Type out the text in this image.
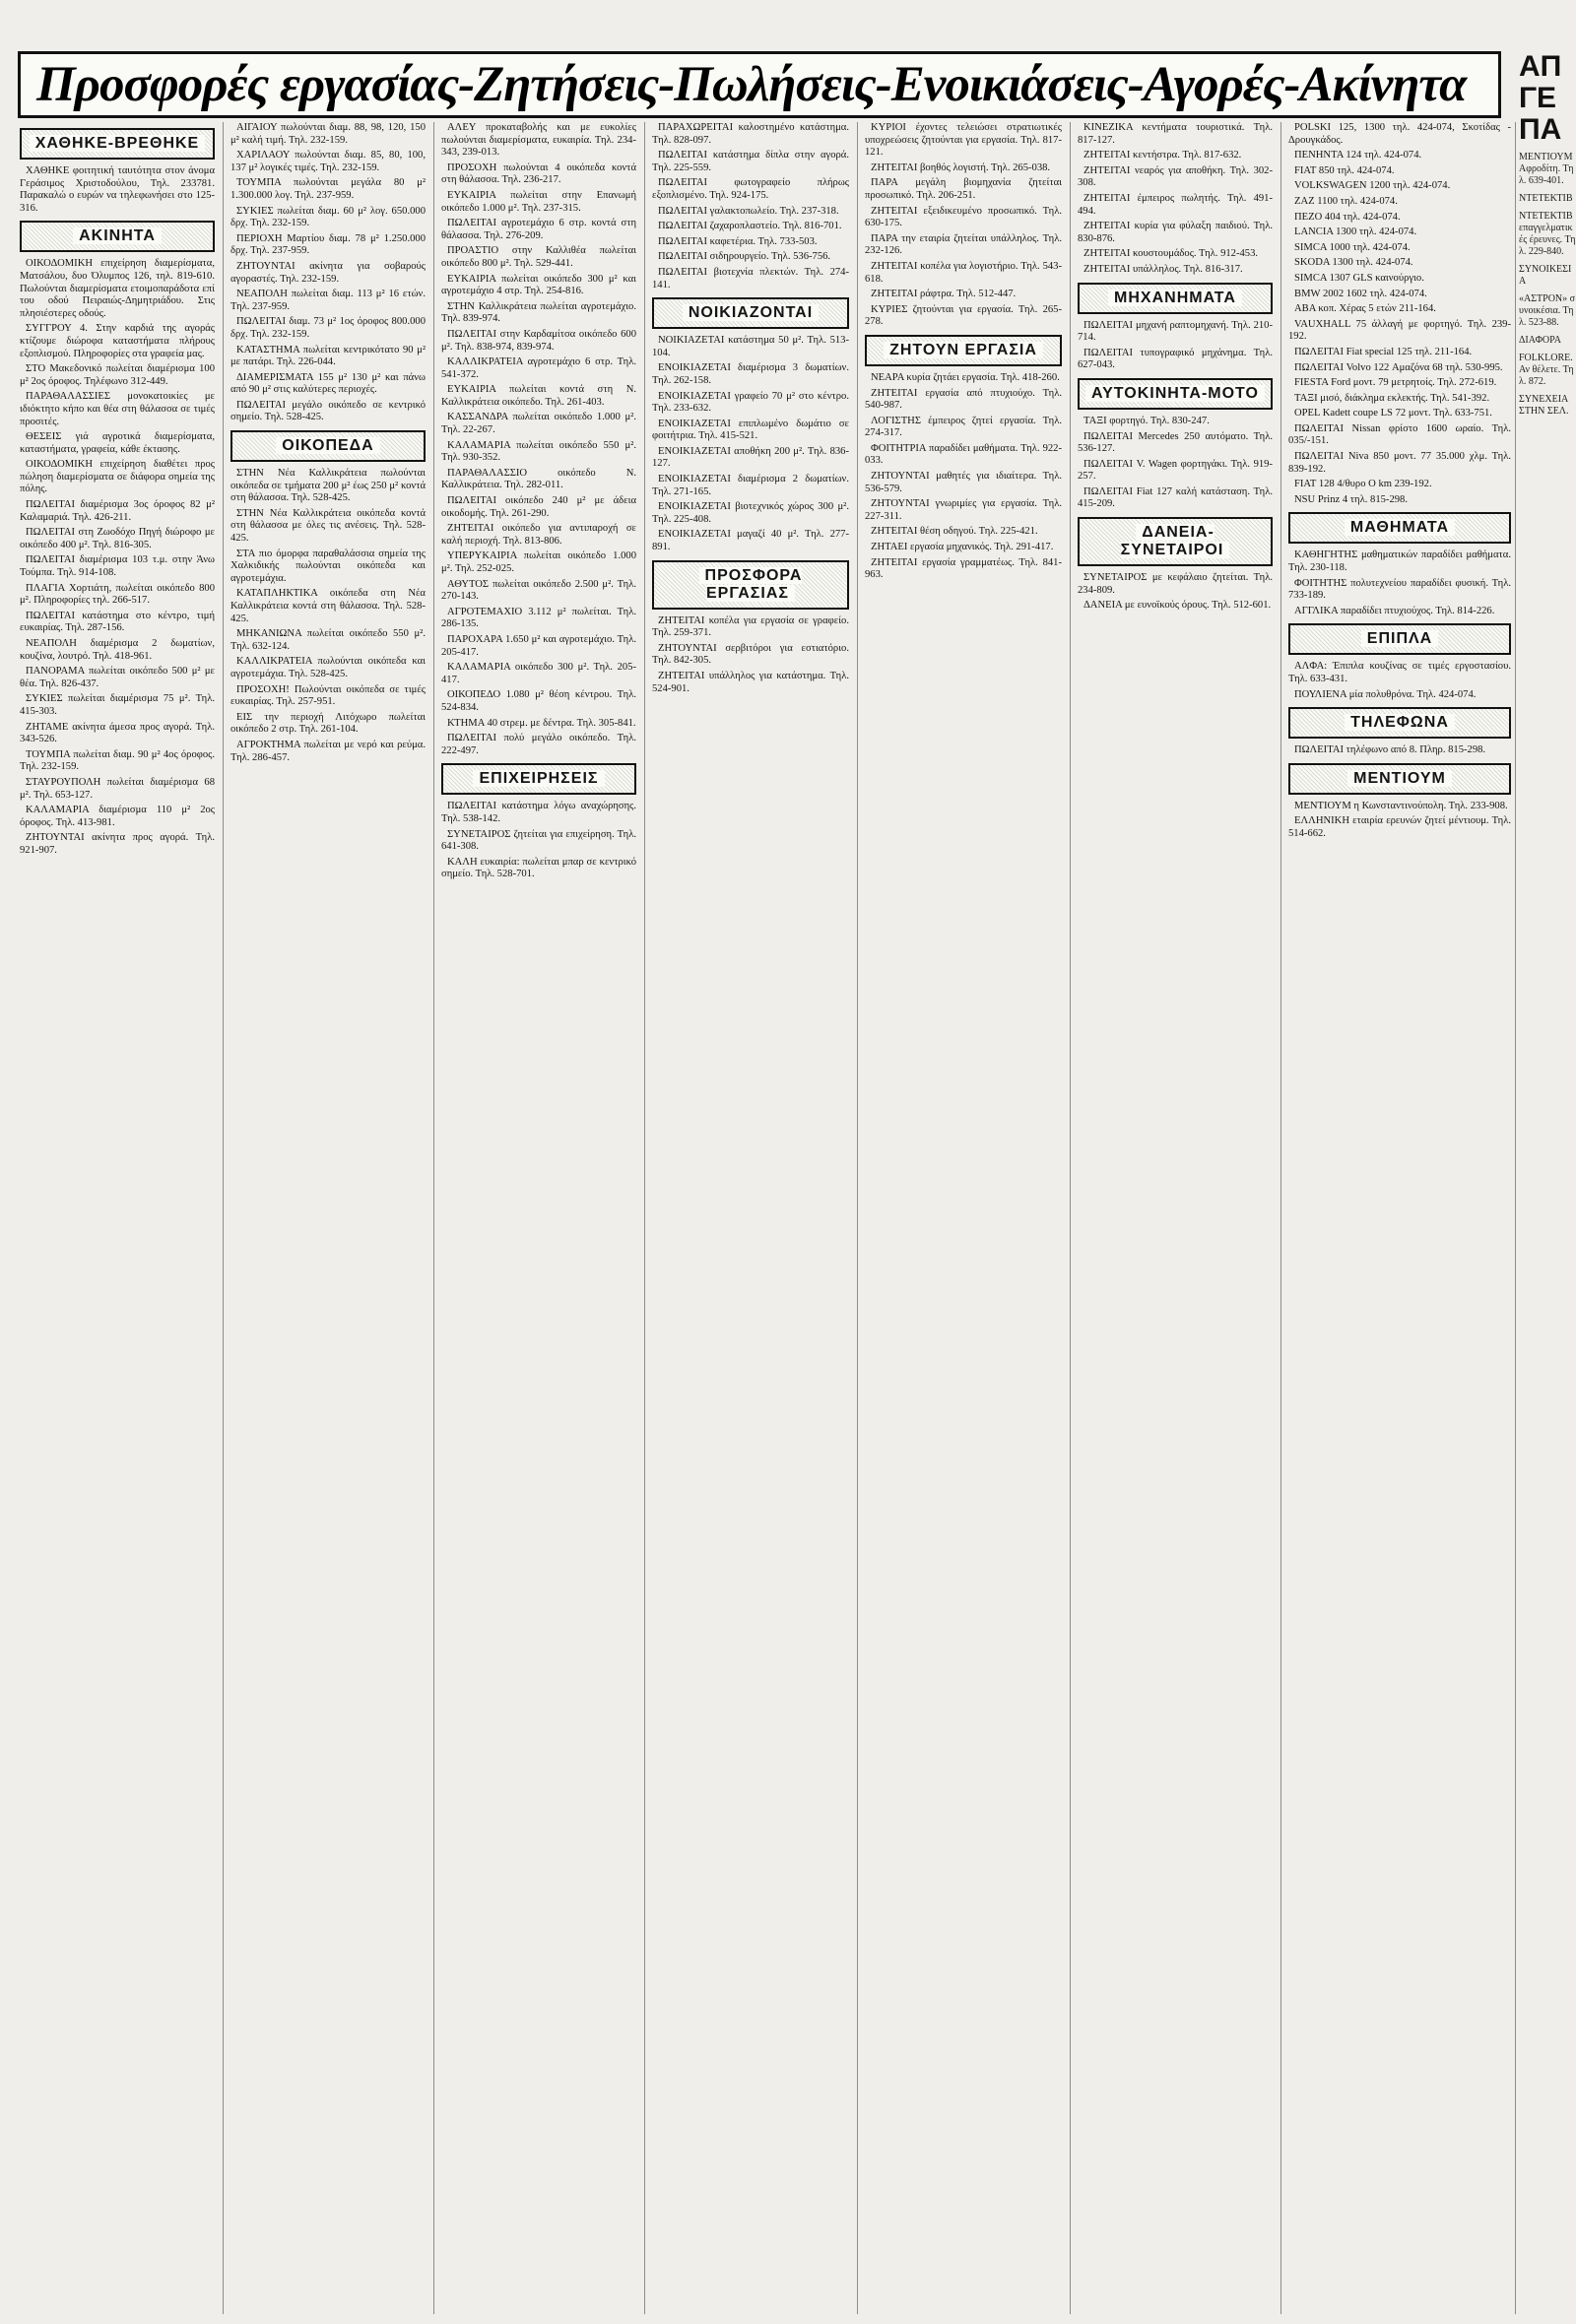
Προσφορές εργασίας-Ζητήσεις-Πωλήσεις-Ενοικιάσεις-Αγορές-Ακίνητα
ΧΑΘΗΚΕ-ΒΡΕΘΗΚΕ

ΧΑΘΗΚΕ φοιτητική ταυτότητα στον άνομα Γεράσιμος Χριστοδούλου, Τηλ. 233781. Παρακαλώ ο ευρών να τηλεφωνήσει στο 125-316.

ΑΚΙΝΗΤΑ

ΟΙΚΟΔΟΜΙΚΗ επιχείρηση διαμερίσματα, Ματσάλου, δυο Όλυμπος 126, τηλ. 819-610. Πωλούνται διαμερίσματα ετοιμοπαράδοτα επί του οδού Πειραιώς-Δημητριάδου. Στις πλησιέστερες οδούς.

ΣΥΓΓΡΟΥ 4. Στην καρδιά της αγοράς κτίζουμε διώροφα καταστήματα πλήρους εξοπλισμού. Πληροφορίες στα γραφεία μας.

ΣΤΟ Μακεδονικό πωλείται διαμέρισμα 100 μ² 2ος όροφος. Τηλέφωνο 312-449.

ΠΑΡΑΘΑΛΑΣΣΙΕΣ μονοκατοικίες με ιδιόκτητο κήπο και θέα στη θάλασσα σε τιμές προσιτές.

ΘΕΣΕΙΣ γιά αγροτικά διαμερίσματα, καταστήματα, γραφεία, κάθε έκτασης.

ΟΙΚΟΔΟΜΙΚΗ επιχείρηση διαθέτει προς πώληση διαμερίσματα σε διάφορα σημεία της πόλης.

ΠΩΛΕΙΤΑΙ διαμέρισμα 3ος όροφος 82 μ² Καλαμαριά. Τηλ. 426-211.

ΠΩΛΕΙΤΑΙ στη Ζωοδόχο Πηγή διώροφο με οικόπεδο 400 μ². Τηλ. 816-305.

ΠΩΛΕΙΤΑΙ διαμέρισμα 103 τ.μ. στην Άνω Τούμπα. Τηλ. 914-108.

ΠΛΑΓΙΑ Χορτιάτη, πωλείται οικόπεδο 800 μ². Πληροφορίες τηλ. 266-517.

ΠΩΛΕΙΤΑΙ κατάστημα στο κέντρο, τιμή ευκαιρίας. Τηλ. 287-156.

ΝΕΑΠΟΛΗ διαμέρισμα 2 δωματίων, κουζίνα, λουτρό. Τηλ. 418-961.

ΠΑΝΟΡΑΜΑ πωλείται οικόπεδο 500 μ² με θέα. Τηλ. 826-437.

ΣΥΚΙΕΣ πωλείται διαμέρισμα 75 μ². Τηλ. 415-303.

ΖΗΤΑΜΕ ακίνητα άμεσα προς αγορά. Τηλ. 343-526.

ΤΟΥΜΠΑ πωλείται διαμ. 90 μ² 4ος όροφος. Τηλ. 232-159.

ΣΤΑΥΡΟΥΠΟΛΗ πωλείται διαμέρισμα 68 μ². Τηλ. 653-127.

ΚΑΛΑΜΑΡΙΑ διαμέρισμα 110 μ² 2ος όροφος. Τηλ. 413-981.

ΖΗΤΟΥΝΤΑΙ ακίνητα προς αγορά. Τηλ. 921-907.

ΑΙΓΑΙΟΥ πωλούνται διαμ. 88, 98, 120, 150 μ² καλή τιμή. Τηλ. 232-159.

ΧΑΡΙΛΑΟΥ πωλούνται διαμ. 85, 80, 100, 137 μ² λογικές τιμές. Τηλ. 232-159.

ΤΟΥΜΠΑ πωλούνται μεγάλα 80 μ² 1.300.000 λογ. Τηλ. 237-959.

ΣΥΚΙΕΣ πωλείται διαμ. 60 μ² λογ. 650.000 δρχ. Τηλ. 232-159.

ΠΕΡΙΟΧΗ Μαρτίου διαμ. 78 μ² 1.250.000 δρχ. Τηλ. 237-959.

ΖΗΤΟΥΝΤΑΙ ακίνητα για σοβαρούς αγοραστές. Τηλ. 232-159.

ΝΕΑΠΟΛΗ πωλείται διαμ. 113 μ² 16 ετών. Τηλ. 237-959.

ΠΩΛΕΙΤΑΙ διαμ. 73 μ² 1ος όροφος 800.000 δρχ. Τηλ. 232-159.

ΚΑΤΑΣΤΗΜΑ πωλείται κεντρικότατο 90 μ² με πατάρι. Τηλ. 226-044.

ΔΙΑΜΕΡΙΣΜΑΤΑ 155 μ² 130 μ² και πάνω από 90 μ² στις καλύτερες περιοχές.

ΠΩΛΕΙΤΑΙ μεγάλο οικόπεδο σε κεντρικό σημείο. Τηλ. 528-425.

ΟΙΚΟΠΕΔΑ

ΣΤΗΝ Νέα Καλλικράτεια πωλούνται οικόπεδα σε τμήματα 200 μ² έως 250 μ² κοντά στη θάλασσα. Τηλ. 528-425.

ΣΤΗΝ Νέα Καλλικράτεια οικόπεδα κοντά στη θάλασσα με όλες τις ανέσεις. Τηλ. 528-425.

ΣΤΑ πιο όμορφα παραθαλάσσια σημεία της Χαλκιδικής πωλούνται οικόπεδα και αγροτεμάχια.

ΚΑΤΑΠΛΗΚΤΙΚΑ οικόπεδα στη Νέα Καλλικράτεια κοντά στη θάλασσα. Τηλ. 528-425.

ΜΗΚΑΝΙΩΝΑ πωλείται οικόπεδο 550 μ². Τηλ. 632-124.

ΚΑΛΛΙΚΡΑΤΕΙΑ πωλούνται οικόπεδα και αγροτεμάχια. Τηλ. 528-425.

ΠΡΟΣΟΧΗ! Πωλούνται οικόπεδα σε τιμές ευκαιρίας. Τηλ. 257-951.

ΕΙΣ την περιοχή Λιτόχωρο πωλείται οικόπεδο 2 στρ. Τηλ. 261-104.

ΑΓΡΟΚΤΗΜΑ πωλείται με νερό και ρεύμα. Τηλ. 286-457.

ΑΛΕΥ προκαταβολής και με ευκολίες πωλούνται διαμερίσματα, ευκαιρία. Τηλ. 234-343, 239-013.

ΠΡΟΣΟΧΗ πωλούνται 4 οικόπεδα κοντά στη θάλασσα. Τηλ. 236-217.

ΕΥΚΑΙΡΙΑ πωλείται στην Επανωμή οικόπεδο 1.000 μ². Τηλ. 237-315.

ΠΩΛΕΙΤΑΙ αγροτεμάχιο 6 στρ. κοντά στη θάλασσα. Τηλ. 276-209.

ΠΡΟΑΣΤΙΟ στην Καλλιθέα πωλείται οικόπεδο 800 μ². Τηλ. 529-441.

ΕΥΚΑΙΡΙΑ πωλείται οικόπεδο 300 μ² και αγροτεμάχιο 4 στρ. Τηλ. 254-816.

ΣΤΗΝ Καλλικράτεια πωλείται αγροτεμάχιο. Τηλ. 839-974.

ΠΩΛΕΙΤΑΙ στην Καρδαμίτσα οικόπεδο 600 μ². Τηλ. 838-974, 839-974.

ΚΑΛΛΙΚΡΑΤΕΙΑ αγροτεμάχιο 6 στρ. Τηλ. 541-372.

ΕΥΚΑΙΡΙΑ πωλείται κοντά στη Ν. Καλλικράτεια οικόπεδο. Τηλ. 261-403.

ΚΑΣΣΑΝΔΡΑ πωλείται οικόπεδο 1.000 μ². Τηλ. 22-267.

ΚΑΛΑΜΑΡΙΑ πωλείται οικόπεδο 550 μ². Τηλ. 930-352.

ΠΑΡΑΘΑΛΑΣΣΙΟ οικόπεδο Ν. Καλλικράτεια. Τηλ. 282-011.

ΠΩΛΕΙΤΑΙ οικόπεδο 240 μ² με άδεια οικοδομής. Τηλ. 261-290.

ΖΗΤΕΙΤΑΙ οικόπεδο για αντιπαροχή σε καλή περιοχή. Τηλ. 813-806.

ΥΠΕΡΥΚΑΙΡΙΑ πωλείται οικόπεδο 1.000 μ². Τηλ. 252-025.

ΑΘΥΤΟΣ πωλείται οικόπεδο 2.500 μ². Τηλ. 270-143.

ΑΓΡΟΤΕΜΑΧΙΟ 3.112 μ² πωλείται. Τηλ. 286-135.

ΠΑΡΟΧΑΡΑ 1.650 μ² και αγροτεμάχιο. Τηλ. 205-417.

ΚΑΛΑΜΑΡΙΑ οικόπεδο 300 μ². Τηλ. 205-417.

ΟΙΚΟΠΕΔΟ 1.080 μ² θέση κέντρου. Τηλ. 524-834.

ΚΤΗΜΑ 40 στρεμ. με δέντρα. Τηλ. 305-841.

ΠΩΛΕΙΤΑΙ πολύ μεγάλο οικόπεδο. Τηλ. 222-497.

ΕΠΙΧΕΙΡΗΣΕΙΣ

ΠΩΛΕΙΤΑΙ κατάστημα λόγω αναχώρησης. Τηλ. 538-142.

ΣΥΝΕΤΑΙΡΟΣ ζητείται για επιχείρηση. Τηλ. 641-308.

ΚΑΛΗ ευκαιρία: πωλείται μπαρ σε κεντρικό σημείο. Τηλ. 528-701.

ΠΑΡΑΧΩΡΕΙΤΑΙ καλοστημένο κατάστημα. Τηλ. 828-097.

ΠΩΛΕΙΤΑΙ κατάστημα δίπλα στην αγορά. Τηλ. 225-559.

ΠΩΛΕΙΤΑΙ φωτογραφείο πλήρως εξοπλισμένο. Τηλ. 924-175.

ΠΩΛΕΙΤΑΙ γαλακτοπωλείο. Τηλ. 237-318.

ΠΩΛΕΙΤΑΙ ζαχαροπλαστείο. Τηλ. 816-701.

ΠΩΛΕΙΤΑΙ καφετέρια. Τηλ. 733-503.

ΠΩΛΕΙΤΑΙ σιδηρουργείο. Τηλ. 536-756.

ΠΩΛΕΙΤΑΙ βιοτεχνία πλεκτών. Τηλ. 274-141.

ΝΟΙΚΙΑΖΟΝΤΑΙ

ΝΟΙΚΙΑΖΕΤΑΙ κατάστημα 50 μ². Τηλ. 513-104.

ΕΝΟΙΚΙΑΖΕΤΑΙ διαμέρισμα 3 δωματίων. Τηλ. 262-158.

ΕΝΟΙΚΙΑΖΕΤΑΙ γραφείο 70 μ² στο κέντρο. Τηλ. 233-632.

ΕΝΟΙΚΙΑΖΕΤΑΙ επιπλωμένο δωμάτιο σε φοιτήτρια. Τηλ. 415-521.

ΕΝΟΙΚΙΑΖΕΤΑΙ αποθήκη 200 μ². Τηλ. 836-127.

ΕΝΟΙΚΙΑΖΕΤΑΙ διαμέρισμα 2 δωματίων. Τηλ. 271-165.

ΕΝΟΙΚΙΑΖΕΤΑΙ βιοτεχνικός χώρος 300 μ². Τηλ. 225-408.

ΕΝΟΙΚΙΑΖΕΤΑΙ μαγαζί 40 μ². Τηλ. 277-891.

ΠΡΟΣΦΟΡΑ ΕΡΓΑΣΙΑΣ

ΖΗΤΕΙΤΑΙ κοπέλα για εργασία σε γραφείο. Τηλ. 259-371.

ΖΗΤΟΥΝΤΑΙ σερβιτόροι για εστιατόριο. Τηλ. 842-305.

ΖΗΤΕΙΤΑΙ υπάλληλος για κατάστημα. Τηλ. 524-901.

ΚΥΡΙΟΙ έχοντες τελειώσει στρατιωτικές υποχρεώσεις ζητούνται για εργασία. Τηλ. 817-121.

ΖΗΤΕΙΤΑΙ βοηθός λογιστή. Τηλ. 265-038.

ΠΑΡΑ μεγάλη βιομηχανία ζητείται προσωπικό. Τηλ. 206-251.

ΖΗΤΕΙΤΑΙ εξειδικευμένο προσωπικό. Τηλ. 630-175.

ΠΑΡΑ την εταιρία ζητείται υπάλληλος. Τηλ. 232-126.

ΖΗΤΕΙΤΑΙ κοπέλα για λογιστήριο. Τηλ. 543-618.

ΖΗΤΕΙΤΑΙ ράφτρα. Τηλ. 512-447.

ΚΥΡΙΕΣ ζητούνται για εργασία. Τηλ. 265-278.

ΖΗΤΟΥΝ ΕΡΓΑΣΙΑ

ΝΕΑΡΑ κυρία ζητάει εργασία. Τηλ. 418-260.

ΖΗΤΕΙΤΑΙ εργασία από πτυχιούχο. Τηλ. 540-987.

ΛΟΓΙΣΤΗΣ έμπειρος ζητεί εργασία. Τηλ. 274-317.

ΦΟΙΤΗΤΡΙΑ παραδίδει μαθήματα. Τηλ. 922-033.

ΖΗΤΟΥΝΤΑΙ μαθητές για ιδιαίτερα. Τηλ. 536-579.

ΖΗΤΟΥΝΤΑΙ γνωριμίες για εργασία. Τηλ. 227-311.

ΖΗΤΕΙΤΑΙ θέση οδηγού. Τηλ. 225-421.

ΖΗΤΑΕΙ εργασία μηχανικός. Τηλ. 291-417.

ΖΗΤΕΙΤΑΙ εργασία γραμματέως. Τηλ. 841-963.

ΚΙΝΕΖΙΚΑ κεντήματα τουριστικά. Τηλ. 817-127.

ΖΗΤΕΙΤΑΙ κεντήστρα. Τηλ. 817-632.

ΖΗΤΕΙΤΑΙ νεαρός για αποθήκη. Τηλ. 302-308.

ΖΗΤΕΙΤΑΙ έμπειρος πωλητής. Τηλ. 491-494.

ΖΗΤΕΙΤΑΙ κυρία για φύλαξη παιδιού. Τηλ. 830-876.

ΖΗΤΕΙΤΑΙ κουστουμάδος. Τηλ. 912-453.

ΖΗΤΕΙΤΑΙ υπάλληλος. Τηλ. 816-317.

ΜΗΧΑΝΗΜΑΤΑ

ΠΩΛΕΙΤΑΙ μηχανή ραπτομηχανή. Τηλ. 210-714.

ΠΩΛΕΙΤΑΙ τυπογραφικό μηχάνημα. Τηλ. 627-043.

ΑΥΤΟΚΙΝΗΤΑ-ΜΟΤΟ

ΤΑΞΙ φορτηγό. Τηλ. 830-247.

ΠΩΛΕΙΤΑΙ Mercedes 250 αυτόματο. Τηλ. 536-127.

ΠΩΛΕΙΤΑΙ V. Wagen φορτηγάκι. Τηλ. 919-257.

ΠΩΛΕΙΤΑΙ Fiat 127 καλή κατάσταση. Τηλ. 415-209.

ΔΑΝΕΙΑ-ΣΥΝΕΤΑΙΡΟΙ

ΣΥΝΕΤΑΙΡΟΣ με κεφάλαιο ζητείται. Τηλ. 234-809.

ΔΑΝΕΙΑ με ευνοϊκούς όρους. Τηλ. 512-601.

POLSKI 125, 1300 τηλ. 424-074, Σκοτίδας - Δρουγκάδος.

ΠΕΝΗΝΤΑ 124 τηλ. 424-074.

FIAT 850 τηλ. 424-074.

VOLKSWAGEN 1200 τηλ. 424-074.

ZAZ 1100 τηλ. 424-074.

ΠΕΖΟ 404 τηλ. 424-074.

LANCIA 1300 τηλ. 424-074.

SIMCA 1000 τηλ. 424-074.

SKODA 1300 τηλ. 424-074.

SIMCA 1307 GLS καινούργιο.

BMW 2002 1602 τηλ. 424-074.

ΑΒΑ κοπ. Χέρας 5 ετών 211-164.

VAUXHALL 75 άλλαγή με φορτηγό. Τηλ. 239-192.

ΠΩΛΕΙΤΑΙ Fiat special 125 τηλ. 211-164.

ΠΩΛΕΙΤΑΙ Volvo 122 Αμαζόνα 68 τηλ. 530-995.

FIESTA Ford μοντ. 79 μετρητοίς. Τηλ. 272-619.

ΤΑΞΙ μισό, διάκλημα εκλεκτής. Τηλ. 541-392.

OPEL Kadett coupe LS 72 μοντ. Τηλ. 633-751.

ΠΩΛΕΙΤΑΙ Nissan φρίστο 1600 ωραίο. Τηλ. 035/-151.

ΠΩΛΕΙΤΑΙ Niva 850 μοντ. 77 35.000 χλμ. Τηλ. 839-192.

FIAT 128 4/θυρο Ο km 239-192.

ΝSU Prinz 4 τηλ. 815-298.

ΜΑΘΗΜΑΤΑ

ΚΑΘΗΓΗΤΗΣ μαθηματικών παραδίδει μαθήματα. Τηλ. 230-118.

ΦΟΙΤΗΤΗΣ πολυτεχνείου παραδίδει φυσική. Τηλ. 733-189.

ΑΓΓΛΙΚΑ παραδίδει πτυχιούχος. Τηλ. 814-226.

ΕΠΙΠΛΑ

ΑΛΦΑ: Έπιπλα κουζίνας σε τιμές εργοστασίου. Τηλ. 633-431.

ΠΟΥΛΙΕΝΑ μία πολυθρόνα. Τηλ. 424-074.

ΤΗΛΕΦΩΝΑ

ΠΩΛΕΙΤΑΙ τηλέφωνο από 8. Πληρ. 815-298.

ΜΕΝΤΙΟΥΜ

ΜΕΝΤΙΟΥΜ η Κωνσταντινούπολη. Τηλ. 233-908.

ΕΛΛΗΝΙΚΗ εταιρία ερευνών ζητεί μέντιουμ. Τηλ. 514-662.

ΑΠ ΓΕ ΠΑ
ΜΕΝΤΙΟΥΜ Αφροδίτη. Τηλ. 639-401.
ΝΤΕΤΕΚΤΙΒ
ΝΤΕΤΕΚΤΙΒ επαγγελματικές έρευνες. Τηλ. 229-840.
ΣΥΝΟΙΚΕΣΙΑ
«ΑΣΤΡΟΝ» συνοικέσια. Τηλ. 523-88.
ΔΙΑΦΟΡΑ
FOLKLORE. Αν θέλετε. Τηλ. 872.
ΣΥΝΕΧΕΙΑ ΣΤΗΝ ΣΕΛ.
